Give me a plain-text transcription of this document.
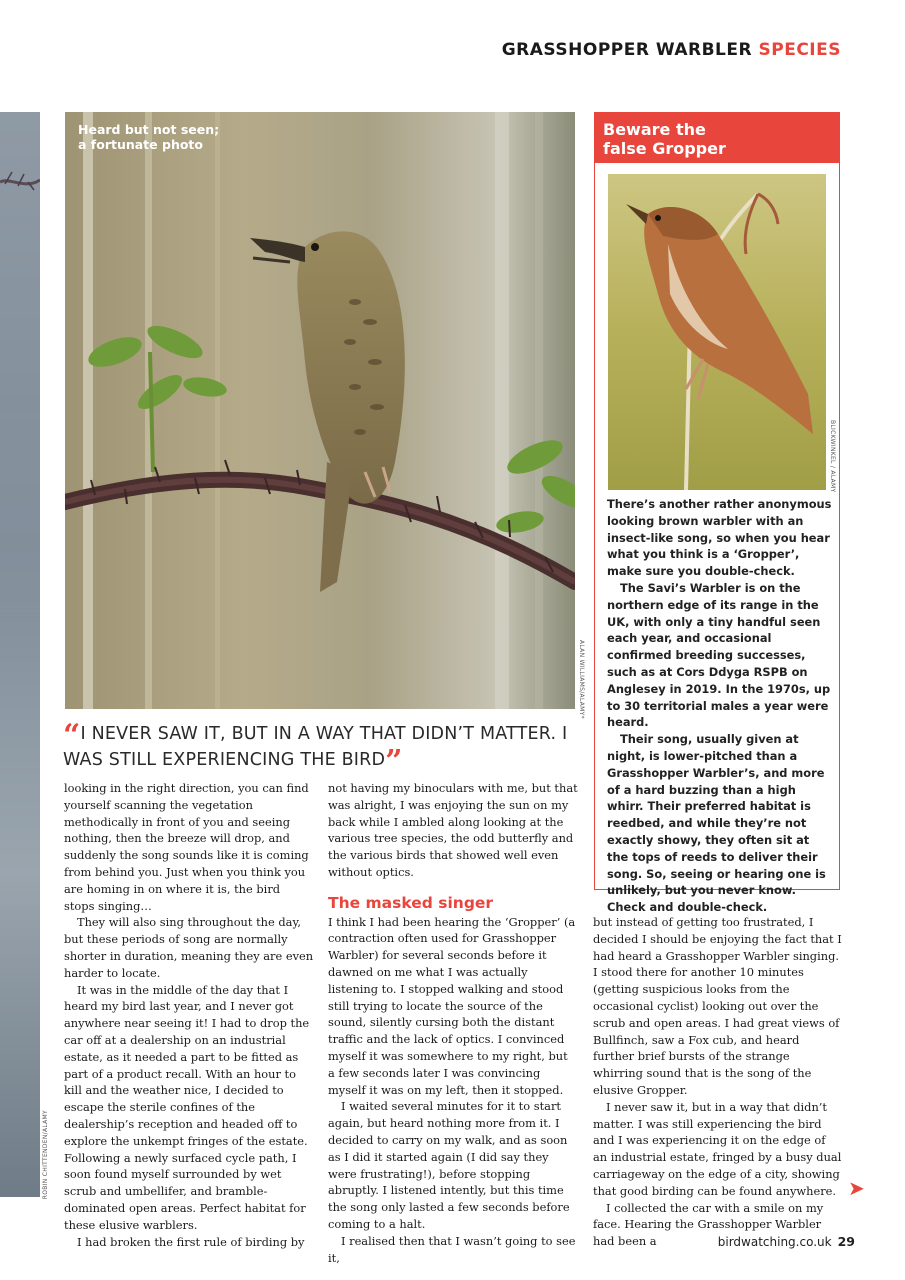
GRASSHOPPER WARBLER SPECIES
ROBIN CHITTENDEN/ALAMY
Heard but not seen;
a fortunate photo
ALAN WILLIAMS/ALAMY*
“I NEVER SAW IT, BUT IN A WAY THAT DIDN’T MATTER. I WAS STILL EXPERIENCING THE BIRD”

looking in the right direction, you can find yourself scanning the vegetation methodically in front of you and seeing nothing, then the breeze will drop, and suddenly the song sounds like it is coming from behind you. Just when you think you are homing in on where it is, the bird stops singing…

They will also sing throughout the day, but these periods of song are normally shorter in duration, meaning they are even harder to locate.

It was in the middle of the day that I heard my bird last year, and I never got anywhere near seeing it! I had to drop the car off at a dealership on an industrial estate, as it needed a part to be fitted as part of a product recall. With an hour to kill and the weather nice, I decided to escape the sterile confines of the dealership’s reception and headed off to explore the unkempt fringes of the estate. Following a newly surfaced cycle path, I soon found myself surrounded by wet scrub and umbellifer, and bramble-dominated open areas. Perfect habitat for these elusive warblers.

I had broken the first rule of birding by

not having my binoculars with me, but that was alright, I was enjoying the sun on my back while I ambled along looking at the various tree species, the odd butterfly and the various birds that showed well even without optics.

The masked singer

I think I had been hearing the ‘Gropper’ (a contraction often used for Grasshopper Warbler) for several seconds before it dawned on me what I was actually listening to. I stopped walking and stood still trying to locate the source of the sound, silently cursing both the distant traffic and the lack of optics. I convinced myself it was somewhere to my right, but a few seconds later I was convincing myself it was on my left, then it stopped.

I waited several minutes for it to start again, but heard nothing more from it. I decided to carry on my walk, and as soon as I did it started again (I did say they were frustrating!), before stopping abruptly. I listened intently, but this time the song only lasted a few seconds before coming to a halt.

I realised then that I wasn’t going to see it,

but instead of getting too frustrated, I decided I should be enjoying the fact that I had heard a Grasshopper Warbler singing. I stood there for another 10 minutes (getting suspicious looks from the occasional cyclist) looking out over the scrub and open areas. I had great views of Bullfinch, saw a Fox cub, and heard further brief bursts of the strange whirring sound that is the song of the elusive Gropper.

I never saw it, but in a way that didn’t matter. I was still experiencing the bird and I was experiencing it on the edge of an industrial estate, fringed by a busy dual carriageway on the edge of a city, showing that good birding can be found anywhere.

I collected the car with a smile on my face. Hearing the Grasshopper Warbler had been a

Beware the
false Gropper
BLICKWINKEL / ALAMY

There’s another rather anonymous looking brown warbler with an insect-like song, so when you hear what you think is a ‘Gropper’, make sure you double-check.

The Savi’s Warbler is on the northern edge of its range in the UK, with only a tiny handful seen each year, and occasional confirmed breeding successes, such as at Cors Ddyga RSPB on Anglesey in 2019. In the 1970s, up to 30 territorial males a year were heard.

Their song, usually given at night, is lower-pitched than a Grasshopper Warbler’s, and more of a hard buzzing than a high whirr. Their preferred habitat is reedbed, and while they’re not exactly showy, they often sit at the tops of reeds to deliver their song. So, seeing or hearing one is unlikely, but you never know. Check and double-check.

➤
birdwatching.co.uk 29
